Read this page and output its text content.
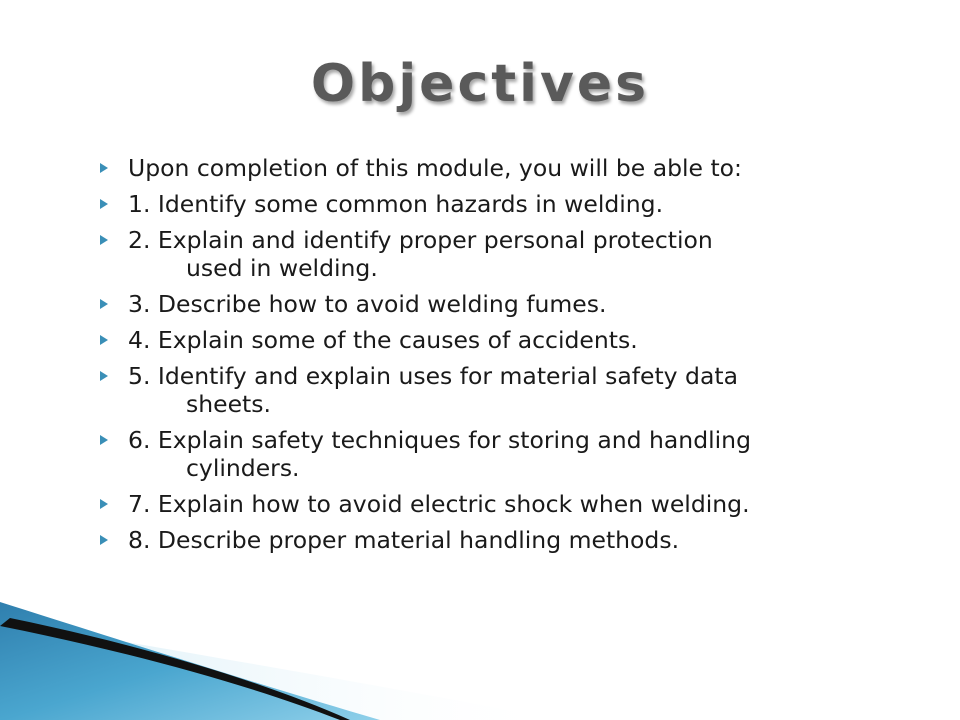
Objectives
Upon completion of this module, you will be able to:
1. Identify some common hazards in welding.
2. Explain and identify proper personal protection
used in welding.
3. Describe how to avoid welding fumes.
4. Explain some of the causes of accidents.
5. Identify and explain uses for material safety data
sheets.
6. Explain safety techniques for storing and handling
cylinders.
7. Explain how to avoid electric shock when welding.
8. Describe proper material handling methods.
